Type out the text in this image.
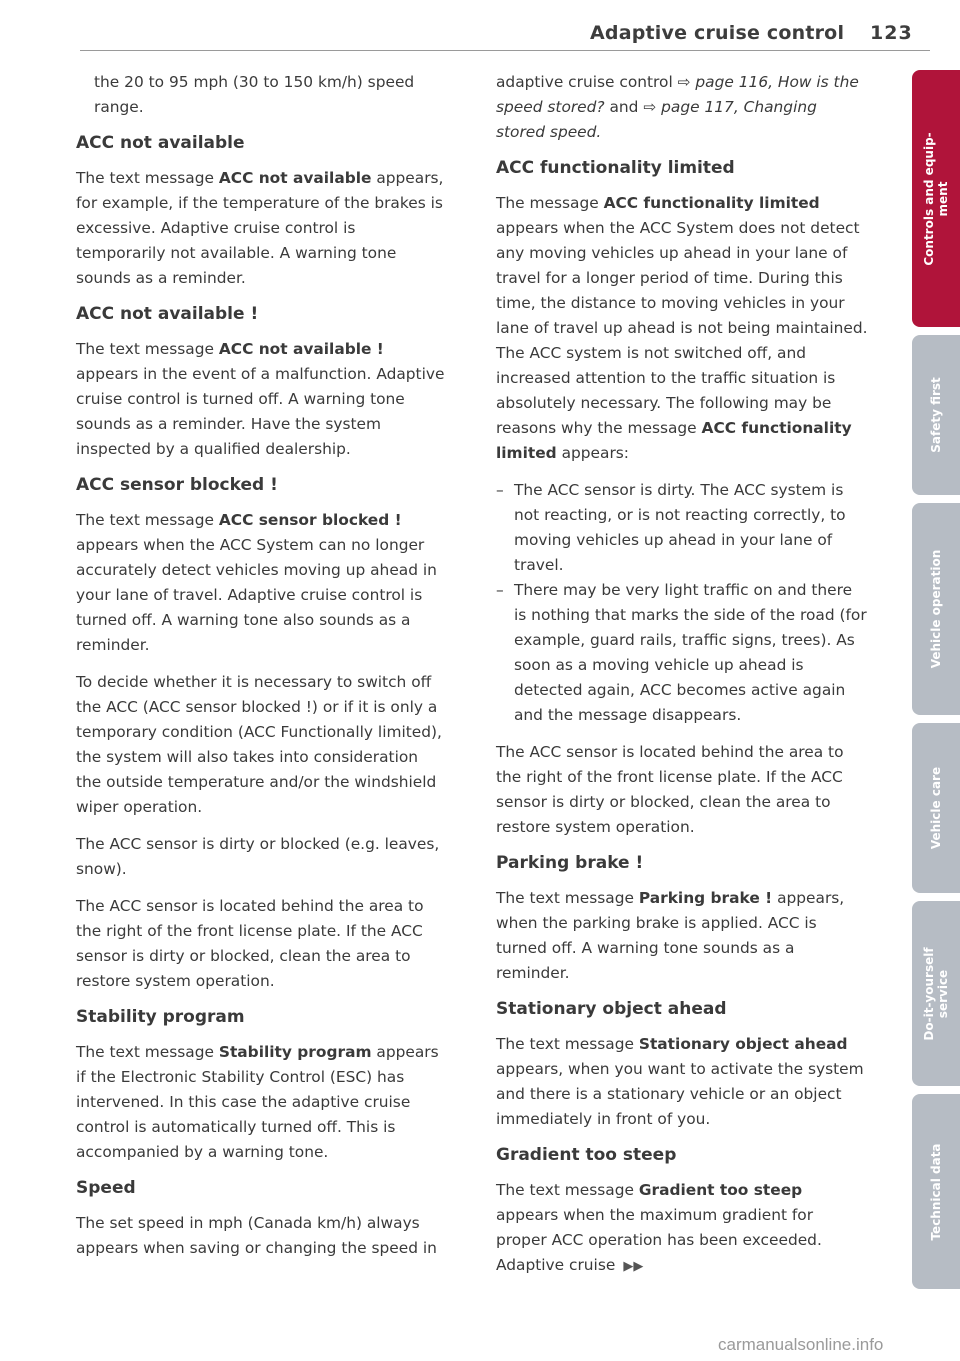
Adaptive cruise control 123

the 20 to 95 mph (30 to 150 km/h) speed range.

ACC not available

The text message ACC not available appears, for example, if the temperature of the brakes is excessive. Adaptive cruise control is temporarily not available. A warning tone sounds as a reminder.

ACC not available !

The text message ACC not available ! appears in the event of a malfunction. Adaptive cruise control is turned off. A warning tone sounds as a reminder. Have the system inspected by a qualified dealership.

ACC sensor blocked !

The text message ACC sensor blocked ! appears when the ACC System can no longer accurately detect vehicles moving up ahead in your lane of travel. Adaptive cruise control is turned off. A warning tone also sounds as a reminder.

To decide whether it is necessary to switch off the ACC (ACC sensor blocked !) or if it is only a temporary condition (ACC Functionally limited), the system will also takes into consideration the outside temperature and/or the windshield wiper operation.

The ACC sensor is dirty or blocked (e.g. leaves, snow).

The ACC sensor is located behind the area to the right of the front license plate. If the ACC sensor is dirty or blocked, clean the area to restore system operation.

Stability program

The text message Stability program appears if the Electronic Stability Control (ESC) has intervened. In this case the adaptive cruise control is automatically turned off. This is accompanied by a warning tone.

Speed

The set speed in mph (Canada km/h) always appears when saving or changing the speed in

adaptive cruise control ⇨ page 116, How is the speed stored? and ⇨ page 117, Changing stored speed.

ACC functionality limited

The message ACC functionality limited appears when the ACC System does not detect any moving vehicles up ahead in your lane of travel for a longer period of time. During this time, the distance to moving vehicles in your lane of travel up ahead is not being maintained. The ACC system is not switched off, and increased attention to the traffic situation is absolutely necessary. The following may be reasons why the message ACC functionality limited appears:

– The ACC sensor is dirty. The ACC system is not reacting, or is not reacting correctly, to moving vehicles up ahead in your lane of travel.
– There may be very light traffic on and there is nothing that marks the side of the road (for example, guard rails, traffic signs, trees). As soon as a moving vehicle up ahead is detected again, ACC becomes active again and the message disappears.

The ACC sensor is located behind the area to the right of the front license plate. If the ACC sensor is dirty or blocked, clean the area to restore system operation.

Parking brake !

The text message Parking brake ! appears, when the parking brake is applied. ACC is turned off. A warning tone sounds as a reminder.

Stationary object ahead

The text message Stationary object ahead appears, when you want to activate the system and there is a stationary vehicle or an object immediately in front of you.

Gradient too steep

The text message Gradient too steep appears when the maximum gradient for proper ACC operation has been exceeded. Adaptive cruise ▶▶

Controls and equip- ment
Safety first
Vehicle operation
Vehicle care
Do-it-yourself service
Technical data
carmanualsonline.info
